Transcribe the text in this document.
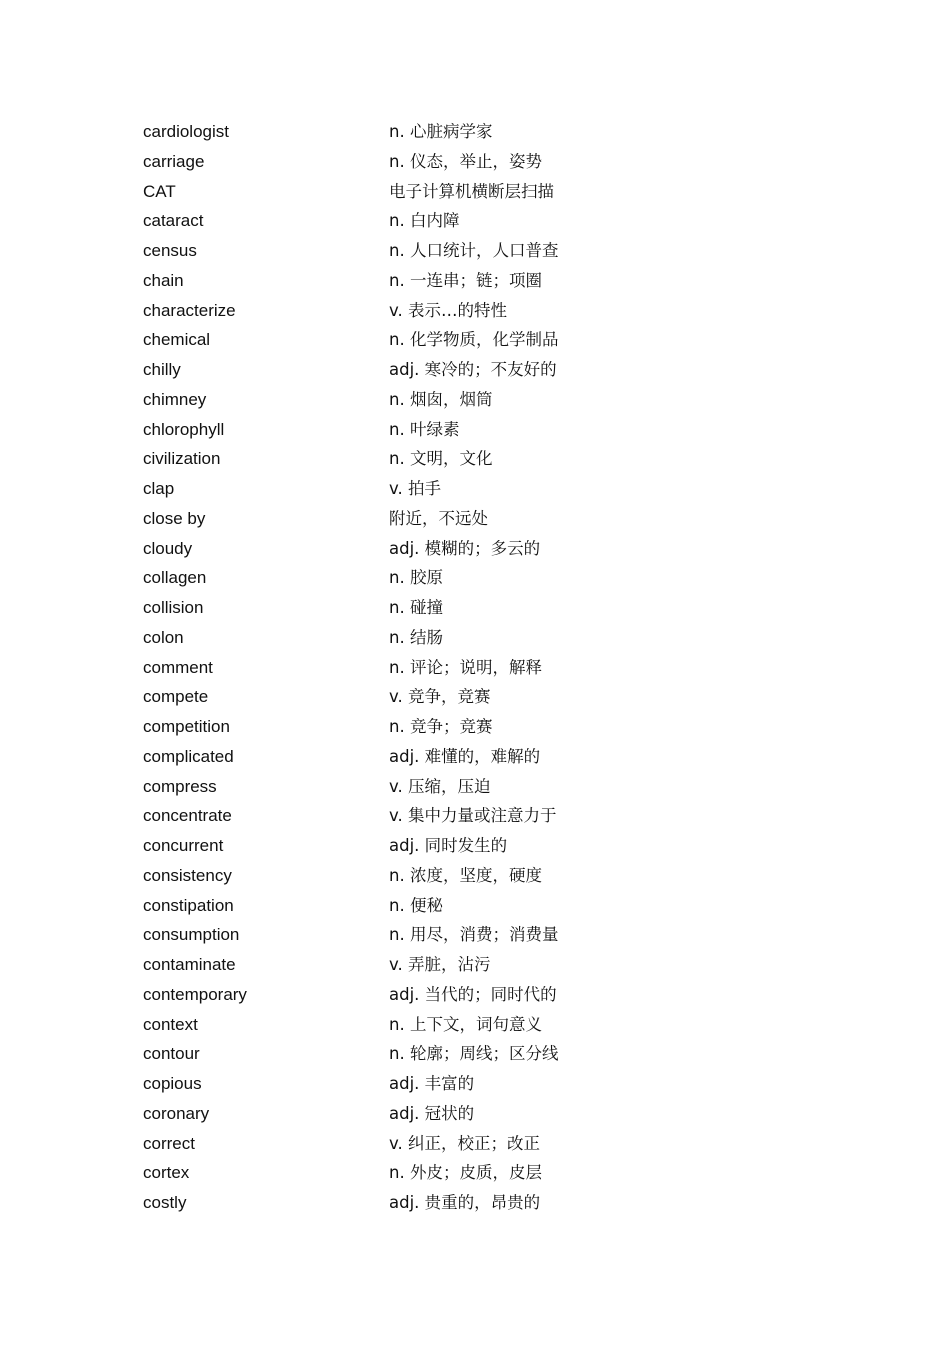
cardiologist	n. 心脏病学家
carriage	n. 仪态，举止，姿势
CAT	电子计算机横断层扫描
cataract	n. 白内障
census	n. 人口统计，人口普查
chain	n. 一连串；链；项圈
characterize	v. 表示…的特性
chemical	n. 化学物质，化学制品
chilly	adj. 寒冷的；不友好的
chimney	n. 烟囱，烟筒
chlorophyll	n. 叶绿素
civilization	n. 文明，文化
clap	v. 拍手
close by	附近，不远处
cloudy	adj. 模糊的；多云的
collagen	n. 胶原
collision	n. 碰撞
colon	n. 结肠
comment	n. 评论；说明，解释
compete	v. 竞争，竞赛
competition	n. 竞争；竞赛
complicated	adj. 难懂的，难解的
compress	v. 压缩，压迫
concentrate	v. 集中力量或注意力于
concurrent	adj. 同时发生的
consistency	n. 浓度，坚度，硬度
constipation	n. 便秘
consumption	n. 用尽，消费；消费量
contaminate	v. 弄脏，沾污
contemporary	adj. 当代的；同时代的
context	n. 上下文，词句意义
contour	n. 轮廓；周线；区分线
copious	adj. 丰富的
coronary	adj. 冠状的
correct	v. 纠正，校正；改正
cortex	n. 外皮；皮质，皮层
costly	adj. 贵重的，昂贵的
